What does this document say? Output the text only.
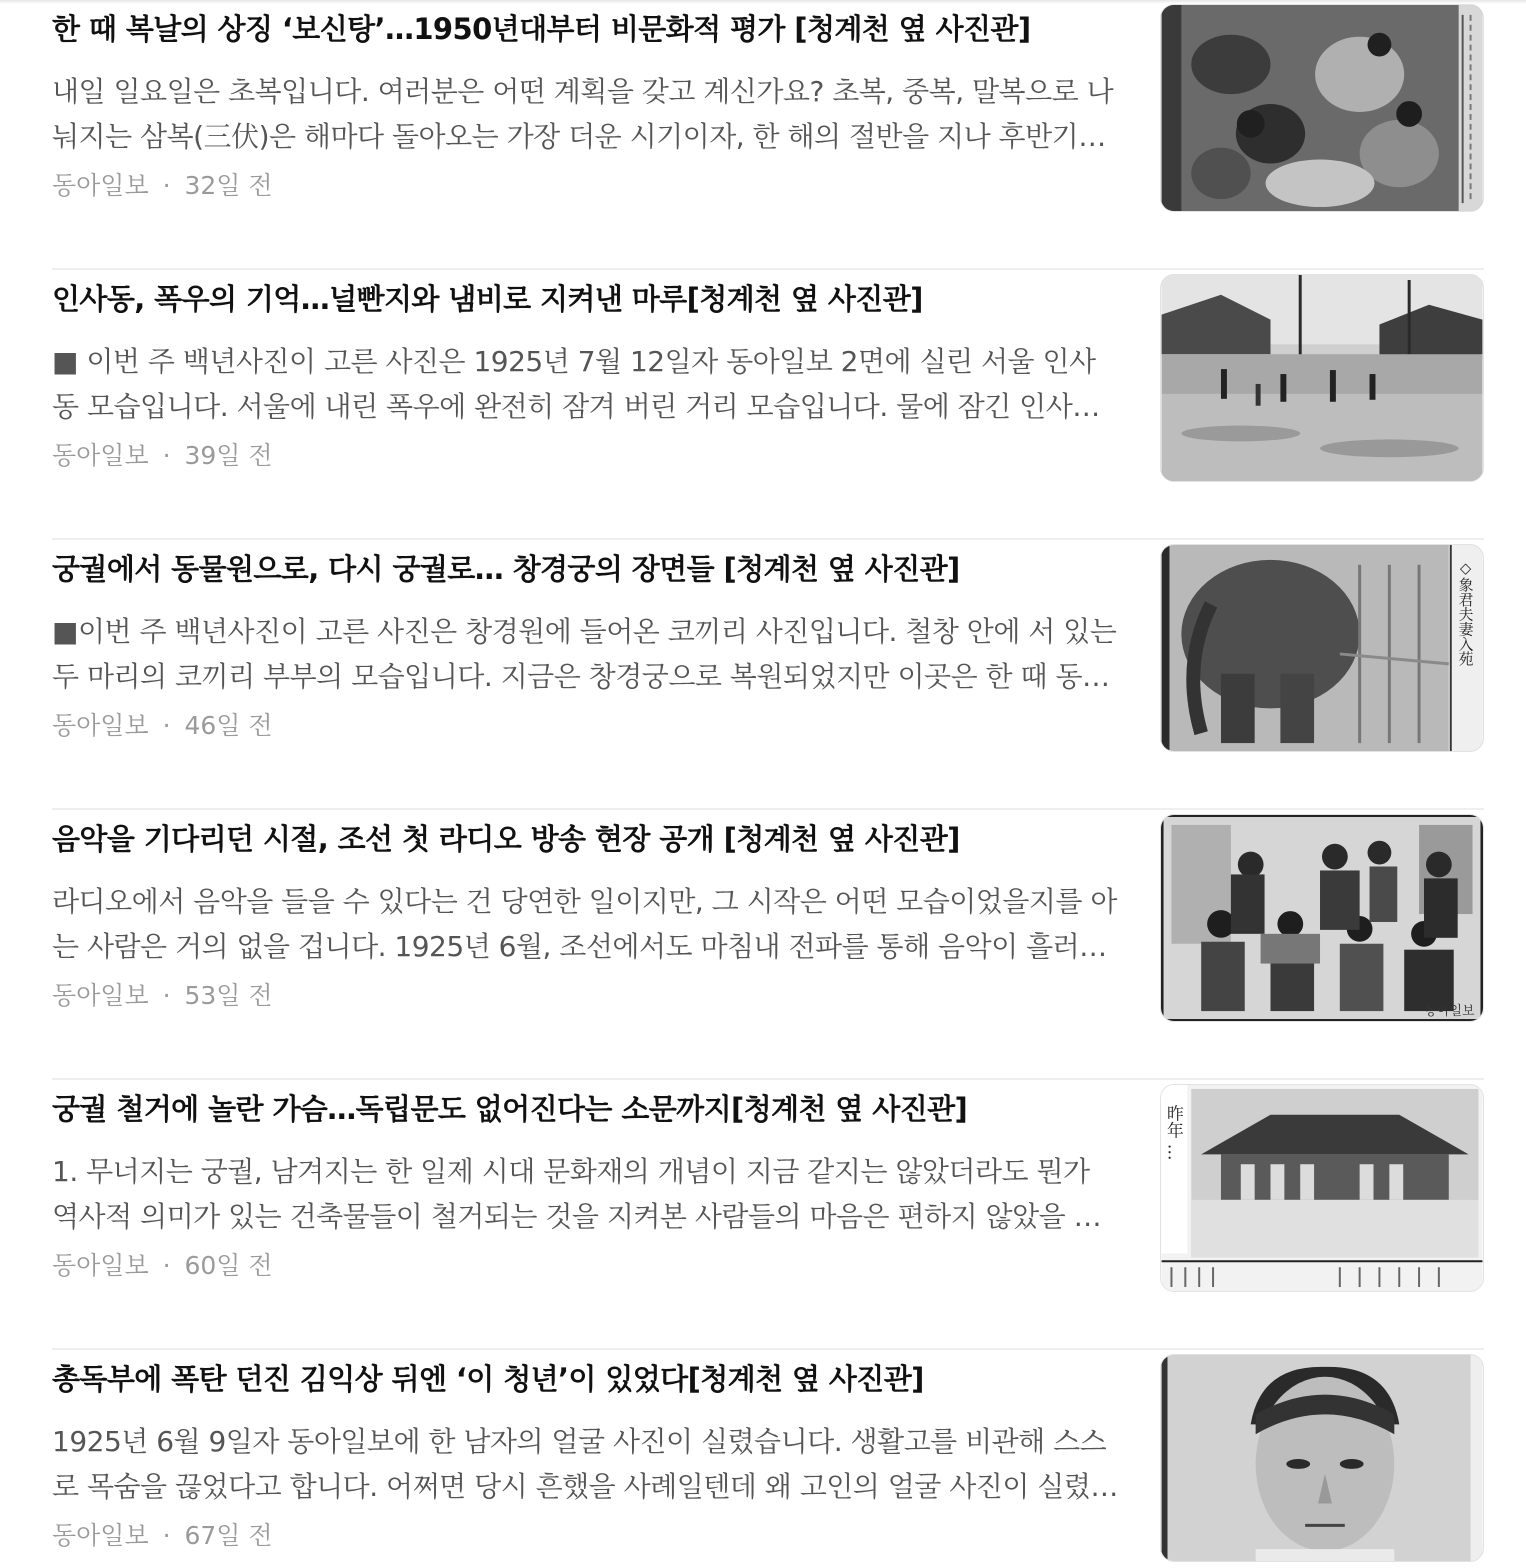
한 때 복날의 상징 ‘보신탕’…1950년대부터 비문화적 평가 [청계천 옆 사진관]

내일 일요일은 초복입니다. 여러분은 어떤 계획을 갖고 계신가요? 초복, 중복, 말복으로 나눠지는 삼복(三伏)은 해마다 돌아오는 가장 더운 시기이자, 한 해의 절반을 지나 후반기로

동아일보 · 32일 전
인사동, 폭우의 기억…널빤지와 냄비로 지켜낸 마루[청계천 옆 사진관]

■ 이번 주 백년사진이 고른 사진은 1925년 7월 12일자 동아일보 2면에 실린 서울 인사동 모습입니다. 서울에 내린 폭우에 완전히 잠겨 버린 거리 모습입니다. 물에 잠긴 인사동

동아일보 · 39일 전
궁궐에서 동물원으로, 다시 궁궐로… 창경궁의 장면들 [청계천 옆 사진관]

■이번 주 백년사진이 고른 사진은 창경원에 들어온 코끼리 사진입니다. 철창 안에 서 있는 두 마리의 코끼리 부부의 모습입니다. 지금은 창경궁으로 복원되었지만 이곳은 한 때 동물

동아일보 · 46일 전
◇象君夫妻入苑
음악을 기다리던 시절, 조선 첫 라디오 방송 현장 공개 [청계천 옆 사진관]

라디오에서 음악을 들을 수 있다는 건 당연한 일이지만, 그 시작은 어떤 모습이었을지를 아는 사람은 거의 없을 겁니다. 1925년 6월, 조선에서도 마침내 전파를 통해 음악이 흘러나

동아일보 · 53일 전
동아일보
궁궐 철거에 놀란 가슴…독립문도 없어진다는 소문까지[청계천 옆 사진관]

1. 무너지는 궁궐, 남겨지는 한 일제 시대 문화재의 개념이 지금 같지는 않았더라도 뭔가 역사적 의미가 있는 건축물들이 철거되는 것을 지켜본 사람들의 마음은 편하지 않았을 것

동아일보 · 60일 전
昨年 …
총독부에 폭탄 던진 김익상 뒤엔 ‘이 청년’이 있었다[청계천 옆 사진관]

1925년 6월 9일자 동아일보에 한 남자의 얼굴 사진이 실렸습니다. 생활고를 비관해 스스로 목숨을 끊었다고 합니다. 어쩌면 당시 흔했을 사례일텐데 왜 고인의 얼굴 사진이 실렸을

동아일보 · 67일 전
